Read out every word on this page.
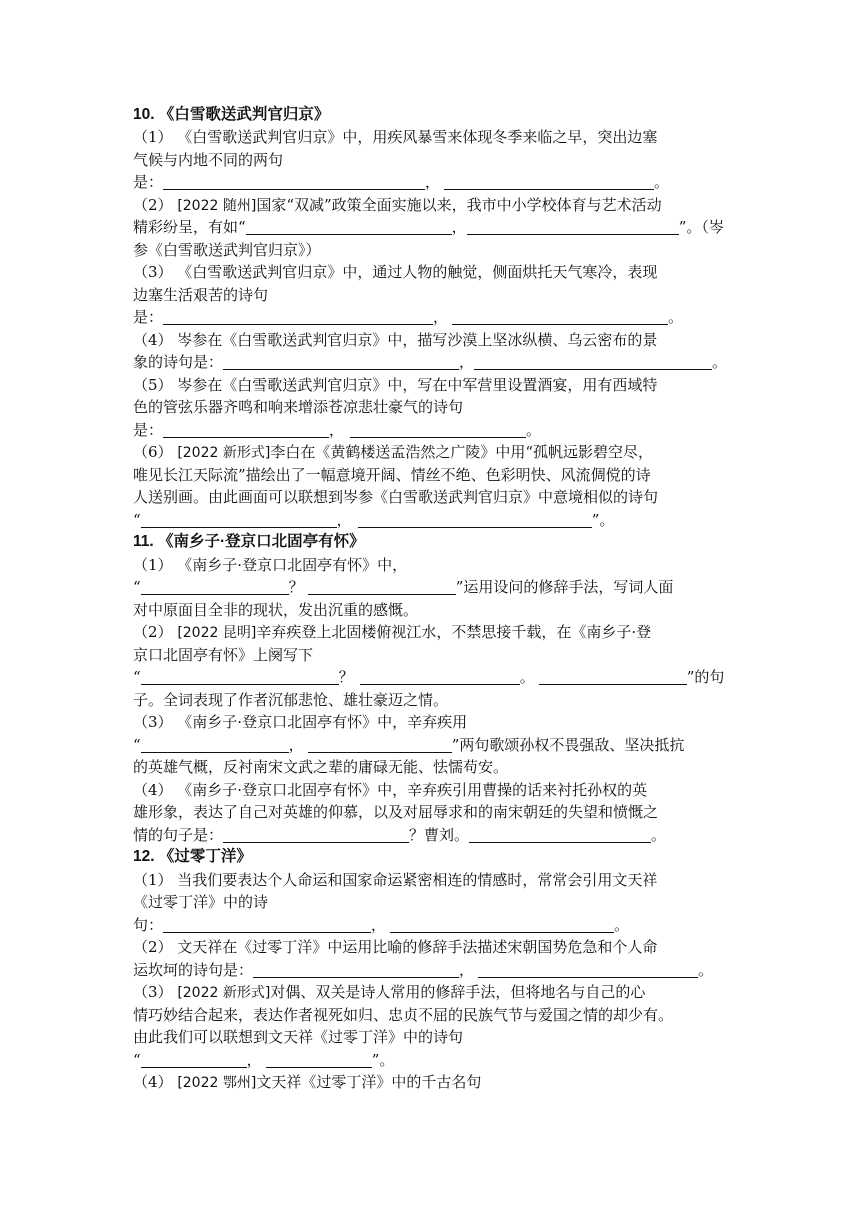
10. 《白雪歌送武判官归京》
（1） 《白雪歌送武判官归京》中，用疾风暴雪来体现冬季来临之早，突出边塞
气候与内地不同的两句
是：	，	。
（2） [2022 随州]国家“双减”政策全面实施以来，我市中小学校体育与艺术活动
精彩纷呈，有如“	，	”。（岑
参《白雪歌送武判官归京》）
（3） 《白雪歌送武判官归京》中，通过人物的触觉，侧面烘托天气寒冷，表现
边塞生活艰苦的诗句
是：	，	。
（4） 岑参在《白雪歌送武判官归京》中，描写沙漠上坚冰纵横、乌云密布的景
象的诗句是：	，	。
（5） 岑参在《白雪歌送武判官归京》中，写在中军营里设置酒宴，用有西域特
色的管弦乐器齐鸣和响来增添苍凉悲壮豪气的诗句
是：	，	。
（6） [2022 新形式]李白在《黄鹤楼送孟浩然之广陵》中用“孤帆远影碧空尽，
唯见长江天际流”描绘出了一幅意境开阔、情丝不绝、色彩明快、风流倜傥的诗
人送别画。由此画面可以联想到岑参《白雪歌送武判官归京》中意境相似的诗句
“	，	”。
11. 《南乡子·登京口北固亭有怀》
（1） 《南乡子·登京口北固亭有怀》中，
“	？	”运用设问的修辞手法，写词人面
对中原面目全非的现状，发出沉重的感慨。
（2） [2022 昆明]辛弃疾登上北固楼俯视江水，不禁思接千载，在《南乡子·登
京口北固亭有怀》上阕写下
“	？	。	”的句
子。全词表现了作者沉郁悲怆、雄壮豪迈之情。
（3） 《南乡子·登京口北固亭有怀》中，辛弃疾用
“	，	”两句歌颂孙权不畏强敌、坚决抵抗
的英雄气概，反衬南宋文武之辈的庸碌无能、怯懦苟安。
（4） 《南乡子·登京口北固亭有怀》中，辛弃疾引用曹操的话来衬托孙权的英
雄形象，表达了自己对英雄的仰慕，以及对屈辱求和的南宋朝廷的失望和愤慨之
情的句子是：	？曹刘。	。
12. 《过零丁洋》
（1） 当我们要表达个人命运和国家命运紧密相连的情感时，常常会引用文天祥
《过零丁洋》中的诗
句：	，	。
（2） 文天祥在《过零丁洋》中运用比喻的修辞手法描述宋朝国势危急和个人命
运坎坷的诗句是：	，	。
（3） [2022 新形式]对偶、双关是诗人常用的修辞手法，但将地名与自己的心
情巧妙结合起来，表达作者视死如归、忠贞不屈的民族气节与爱国之情的却少有。
由此我们可以联想到文天祥《过零丁洋》中的诗句
“	，	”。
（4） [2022 鄂州]文天祥《过零丁洋》中的千古名句
